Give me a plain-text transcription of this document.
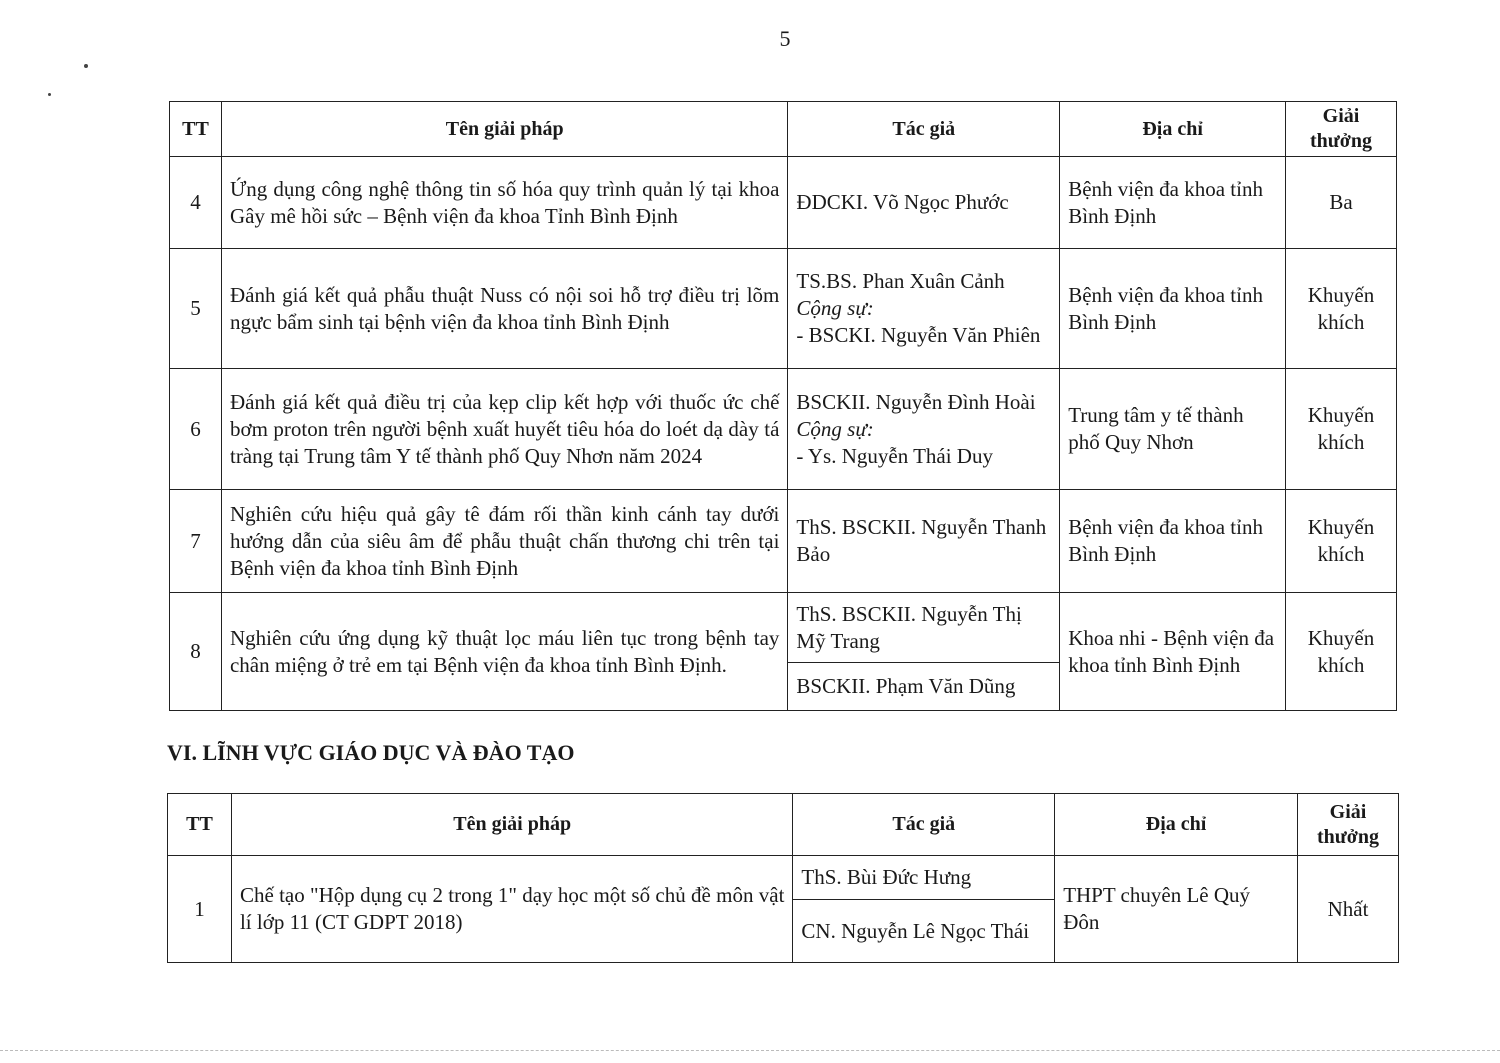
5
TT	Tên giải pháp	Tác giả	Địa chỉ	Giải thưởng
4	Ứng dụng công nghệ thông tin số hóa quy trình quản lý tại khoa Gây mê hồi sức – Bệnh viện đa khoa Tỉnh Bình Định	ĐDCKI. Võ Ngọc Phước	Bệnh viện đa khoa tỉnh Bình Định	Ba
5	Đánh giá kết quả phẫu thuật Nuss có nội soi hỗ trợ điều trị lõm ngực bẩm sinh tại bệnh viện đa khoa tỉnh Bình Định	TS.BS. Phan Xuân Cảnh
Cộng sự:
- BSCKI. Nguyễn Văn Phiên	Bệnh viện đa khoa tỉnh Bình Định	Khuyến khích
6	Đánh giá kết quả điều trị của kẹp clip kết hợp với thuốc ức chế bơm proton trên người bệnh xuất huyết tiêu hóa do loét dạ dày tá tràng tại Trung tâm Y tế thành phố Quy Nhơn năm 2024	BSCKII. Nguyễn Đình Hoài
Cộng sự:
- Ys. Nguyễn Thái Duy	Trung tâm y tế thành phố Quy Nhơn	Khuyến khích
7	Nghiên cứu hiệu quả gây tê đám rối thần kinh cánh tay dưới hướng dẫn của siêu âm để phẫu thuật chấn thương chi trên tại Bệnh viện đa khoa tỉnh Bình Định	ThS. BSCKII. Nguyễn Thanh Bảo	Bệnh viện đa khoa tỉnh Bình Định	Khuyến khích
8	Nghiên cứu ứng dụng kỹ thuật lọc máu liên tục trong bệnh tay chân miệng ở trẻ em tại Bệnh viện đa khoa tỉnh Bình Định.	ThS. BSCKII. Nguyễn Thị Mỹ Trang	Khoa nhi - Bệnh viện đa khoa tỉnh Bình Định	Khuyến khích
		BSCKII. Phạm Văn Dũng		
VI. LĨNH VỰC GIÁO DỤC VÀ ĐÀO TẠO
TT	Tên giải pháp	Tác giả	Địa chỉ	Giải thưởng
1	Chế tạo "Hộp dụng cụ 2 trong 1" dạy học một số chủ đề môn vật lí lớp 11 (CT GDPT 2018)	ThS. Bùi Đức Hưng	THPT chuyên Lê Quý Đôn	Nhất
		CN. Nguyễn Lê Ngọc Thái		
